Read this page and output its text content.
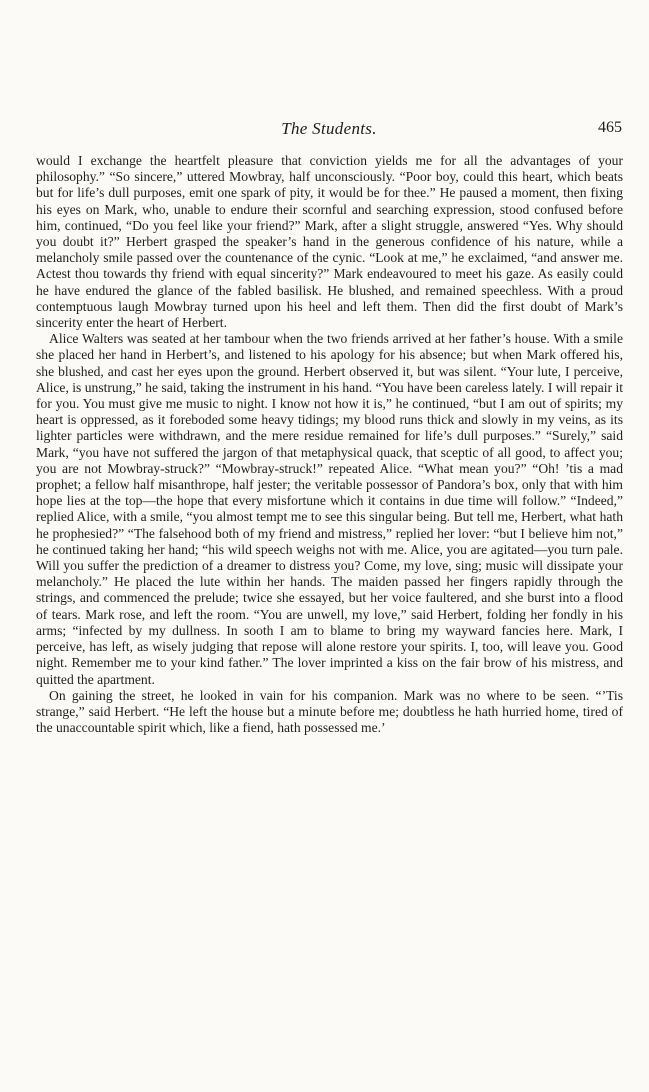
The Students.	465

would I exchange the heartfelt pleasure that conviction yields me for all the advantages of your philosophy.” “So sincere,” uttered Mowbray, half unconsciously. “Poor boy, could this heart, which beats but for life’s dull purposes, emit one spark of pity, it would be for thee.” He paused a moment, then fixing his eyes on Mark, who, unable to endure their scornful and searching expression, stood confused before him, continued, “Do you feel like your friend?” Mark, after a slight struggle, answered “Yes. Why should you doubt it?” Herbert grasped the speaker’s hand in the generous confidence of his nature, while a melancholy smile passed over the countenance of the cynic. “Look at me,” he exclaimed, “and answer me. Actest thou towards thy friend with equal sincerity?” Mark endeavoured to meet his gaze. As easily could he have endured the glance of the fabled basilisk. He blushed, and remained speechless. With a proud contemptuous laugh Mowbray turned upon his heel and left them. Then did the first doubt of Mark’s sincerity enter the heart of Herbert.

Alice Walters was seated at her tambour when the two friends arrived at her father’s house. With a smile she placed her hand in Herbert’s, and listened to his apology for his absence; but when Mark offered his, she blushed, and cast her eyes upon the ground. Herbert observed it, but was silent. “Your lute, I perceive, Alice, is unstrung,” he said, taking the instrument in his hand. “You have been careless lately. I will repair it for you. You must give me music to night. I know not how it is,” he continued, “but I am out of spirits; my heart is oppressed, as it foreboded some heavy tidings; my blood runs thick and slowly in my veins, as its lighter particles were withdrawn, and the mere residue remained for life’s dull purposes.” “Surely,” said Mark, “you have not suffered the jargon of that metaphysical quack, that sceptic of all good, to affect you; you are not Mowbray-struck?” “Mowbray-struck!” repeated Alice. “What mean you?” “Oh! ’tis a mad prophet; a fellow half misanthrope, half jester; the veritable possessor of Pandora’s box, only that with him hope lies at the top—the hope that every misfortune which it contains in due time will follow.” “Indeed,” replied Alice, with a smile, “you almost tempt me to see this singular being. But tell me, Herbert, what hath he prophesied?” “The falsehood both of my friend and mistress,” replied her lover: “but I believe him not,” he continued taking her hand; “his wild speech weighs not with me. Alice, you are agitated—you turn pale. Will you suffer the prediction of a dreamer to distress you? Come, my love, sing; music will dissipate your melancholy.” He placed the lute within her hands. The maiden passed her fingers rapidly through the strings, and commenced the prelude; twice she essayed, but her voice faultered, and she burst into a flood of tears. Mark rose, and left the room. “You are unwell, my love,” said Herbert, folding her fondly in his arms; “infected by my dullness. In sooth I am to blame to bring my wayward fancies here. Mark, I perceive, has left, as wisely judging that repose will alone restore your spirits. I, too, will leave you. Good night. Remember me to your kind father.” The lover imprinted a kiss on the fair brow of his mistress, and quitted the apartment.

On gaining the street, he looked in vain for his companion. Mark was no where to be seen. “’Tis strange,” said Herbert. “He left the house but a minute before me; doubtless he hath hurried home, tired of the unaccountable spirit which, like a fiend, hath possessed me.’
